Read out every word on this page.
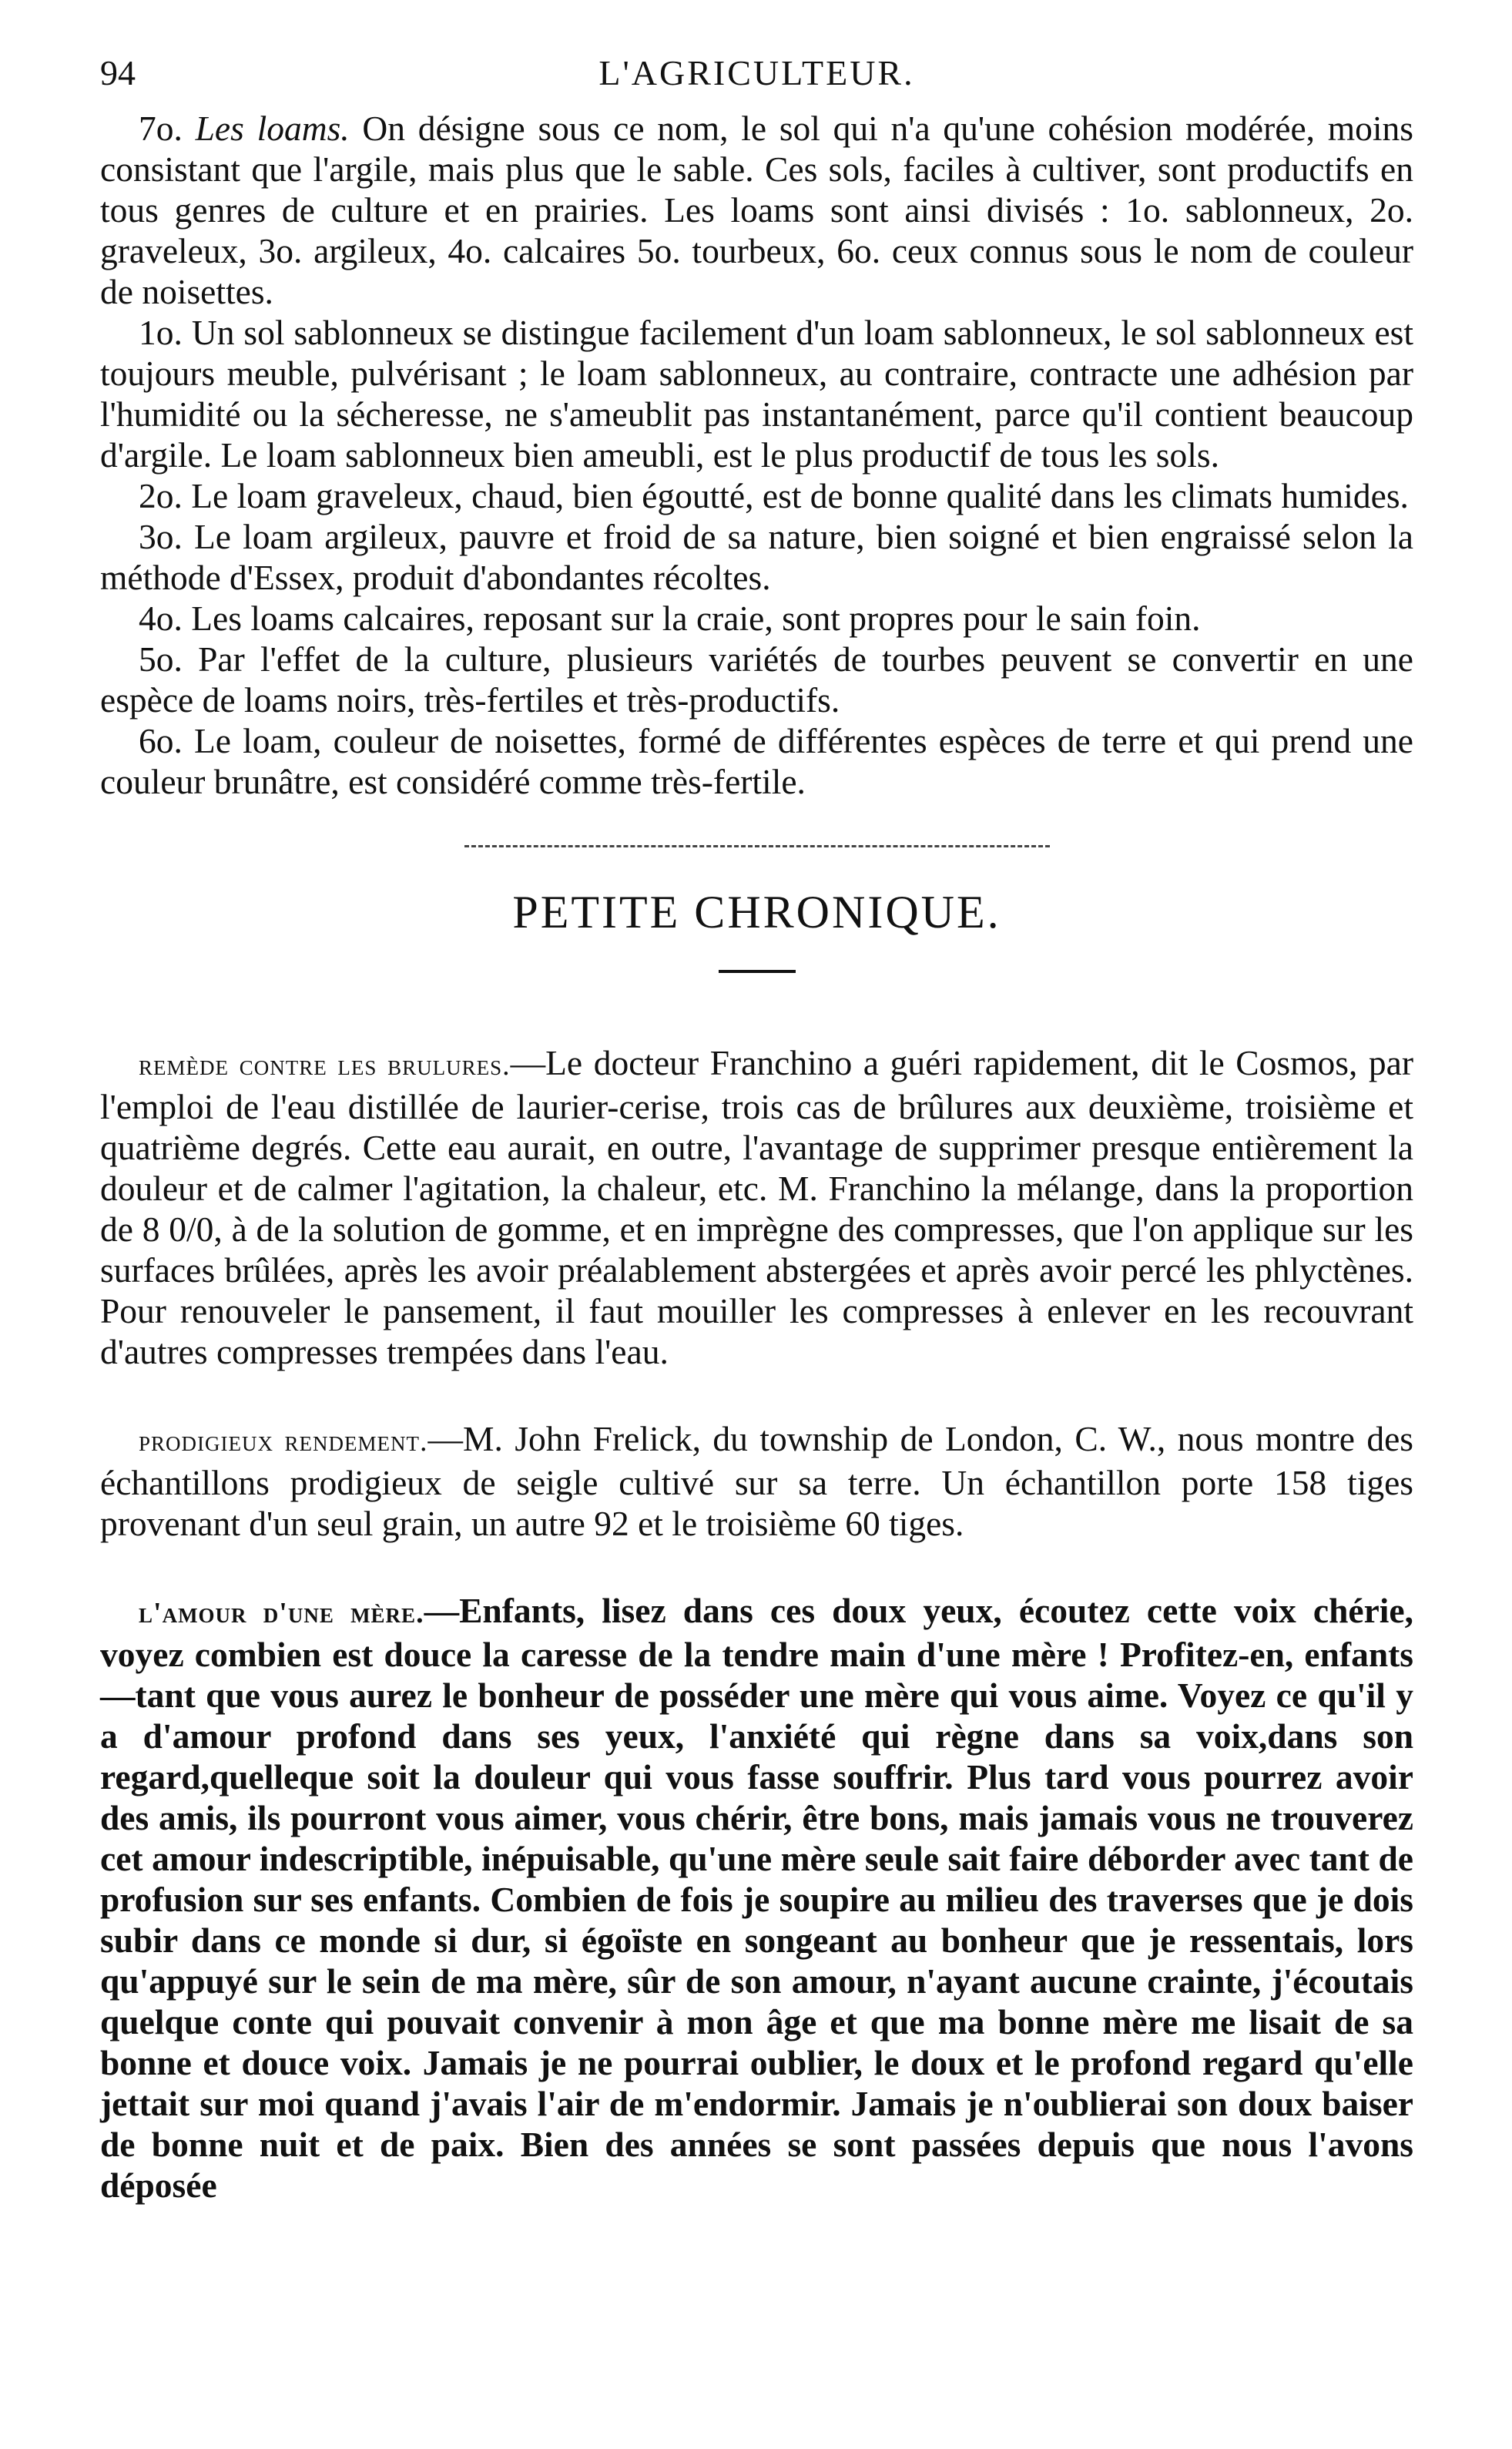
94	L'AGRICULTEUR.

7o. Les loams. On désigne sous ce nom, le sol qui n'a qu'une cohésion modérée, moins consistant que l'argile, mais plus que le sable. Ces sols, faciles à cultiver, sont productifs en tous genres de culture et en prairies. Les loams sont ainsi divisés : 1o. sablonneux, 2o. graveleux, 3o. argileux, 4o. calcaires 5o. tourbeux, 6o. ceux connus sous le nom de couleur de noisettes.

1o. Un sol sablonneux se distingue facilement d'un loam sablonneux, le sol sablonneux est toujours meuble, pulvérisant ; le loam sablonneux, au contraire, contracte une adhésion par l'humidité ou la sécheresse, ne s'ameublit pas instantanément, parce qu'il contient beaucoup d'argile. Le loam sablonneux bien ameubli, est le plus productif de tous les sols.

2o. Le loam graveleux, chaud, bien égoutté, est de bonne qualité dans les climats humides.

3o. Le loam argileux, pauvre et froid de sa nature, bien soigné et bien engraissé selon la méthode d'Essex, produit d'abondantes récoltes.

4o. Les loams calcaires, reposant sur la craie, sont propres pour le sain foin.

5o. Par l'effet de la culture, plusieurs variétés de tourbes peuvent se convertir en une espèce de loams noirs, très-fertiles et très-productifs.

6o. Le loam, couleur de noisettes, formé de différentes espèces de terre et qui prend une couleur brunâtre, est considéré comme très-fertile.

PETITE CHRONIQUE.

remède contre les brulures.—Le docteur Franchino a guéri rapidement, dit le Cosmos, par l'emploi de l'eau distillée de laurier-cerise, trois cas de brûlures aux deuxième, troisième et quatrième degrés. Cette eau aurait, en outre, l'avantage de supprimer presque entièrement la douleur et de calmer l'agitation, la chaleur, etc. M. Franchino la mélange, dans la proportion de 8 0/0, à de la solution de gomme, et en imprègne des compresses, que l'on applique sur les surfaces brûlées, après les avoir préalablement abstergées et après avoir percé les phlyctènes. Pour renouveler le pansement, il faut mouiller les compresses à enlever en les recouvrant d'autres compresses trempées dans l'eau.

prodigieux rendement.—M. John Frelick, du township de London, C. W., nous montre des échantillons prodigieux de seigle cultivé sur sa terre. Un échantillon porte 158 tiges provenant d'un seul grain, un autre 92 et le troisième 60 tiges.

l'amour d'une mère.—Enfants, lisez dans ces doux yeux, écoutez cette voix chérie, voyez combien est douce la caresse de la tendre main d'une mère ! Profitez-en, enfants—tant que vous aurez le bonheur de posséder une mère qui vous aime. Voyez ce qu'il y a d'amour profond dans ses yeux, l'anxiété qui règne dans sa voix,dans son regard,quelleque soit la douleur qui vous fasse souffrir. Plus tard vous pourrez avoir des amis, ils pourront vous aimer, vous chérir, être bons, mais jamais vous ne trouverez cet amour indescriptible, inépuisable, qu'une mère seule sait faire déborder avec tant de profusion sur ses enfants. Combien de fois je soupire au milieu des traverses que je dois subir dans ce monde si dur, si égoïste en songeant au bonheur que je ressentais, lors qu'appuyé sur le sein de ma mère, sûr de son amour, n'ayant aucune crainte, j'écoutais quelque conte qui pouvait convenir à mon âge et que ma bonne mère me lisait de sa bonne et douce voix. Jamais je ne pourrai oublier, le doux et le profond regard qu'elle jettait sur moi quand j'avais l'air de m'endormir. Jamais je n'oublierai son doux baiser de bonne nuit et de paix. Bien des années se sont passées depuis que nous l'avons déposée
